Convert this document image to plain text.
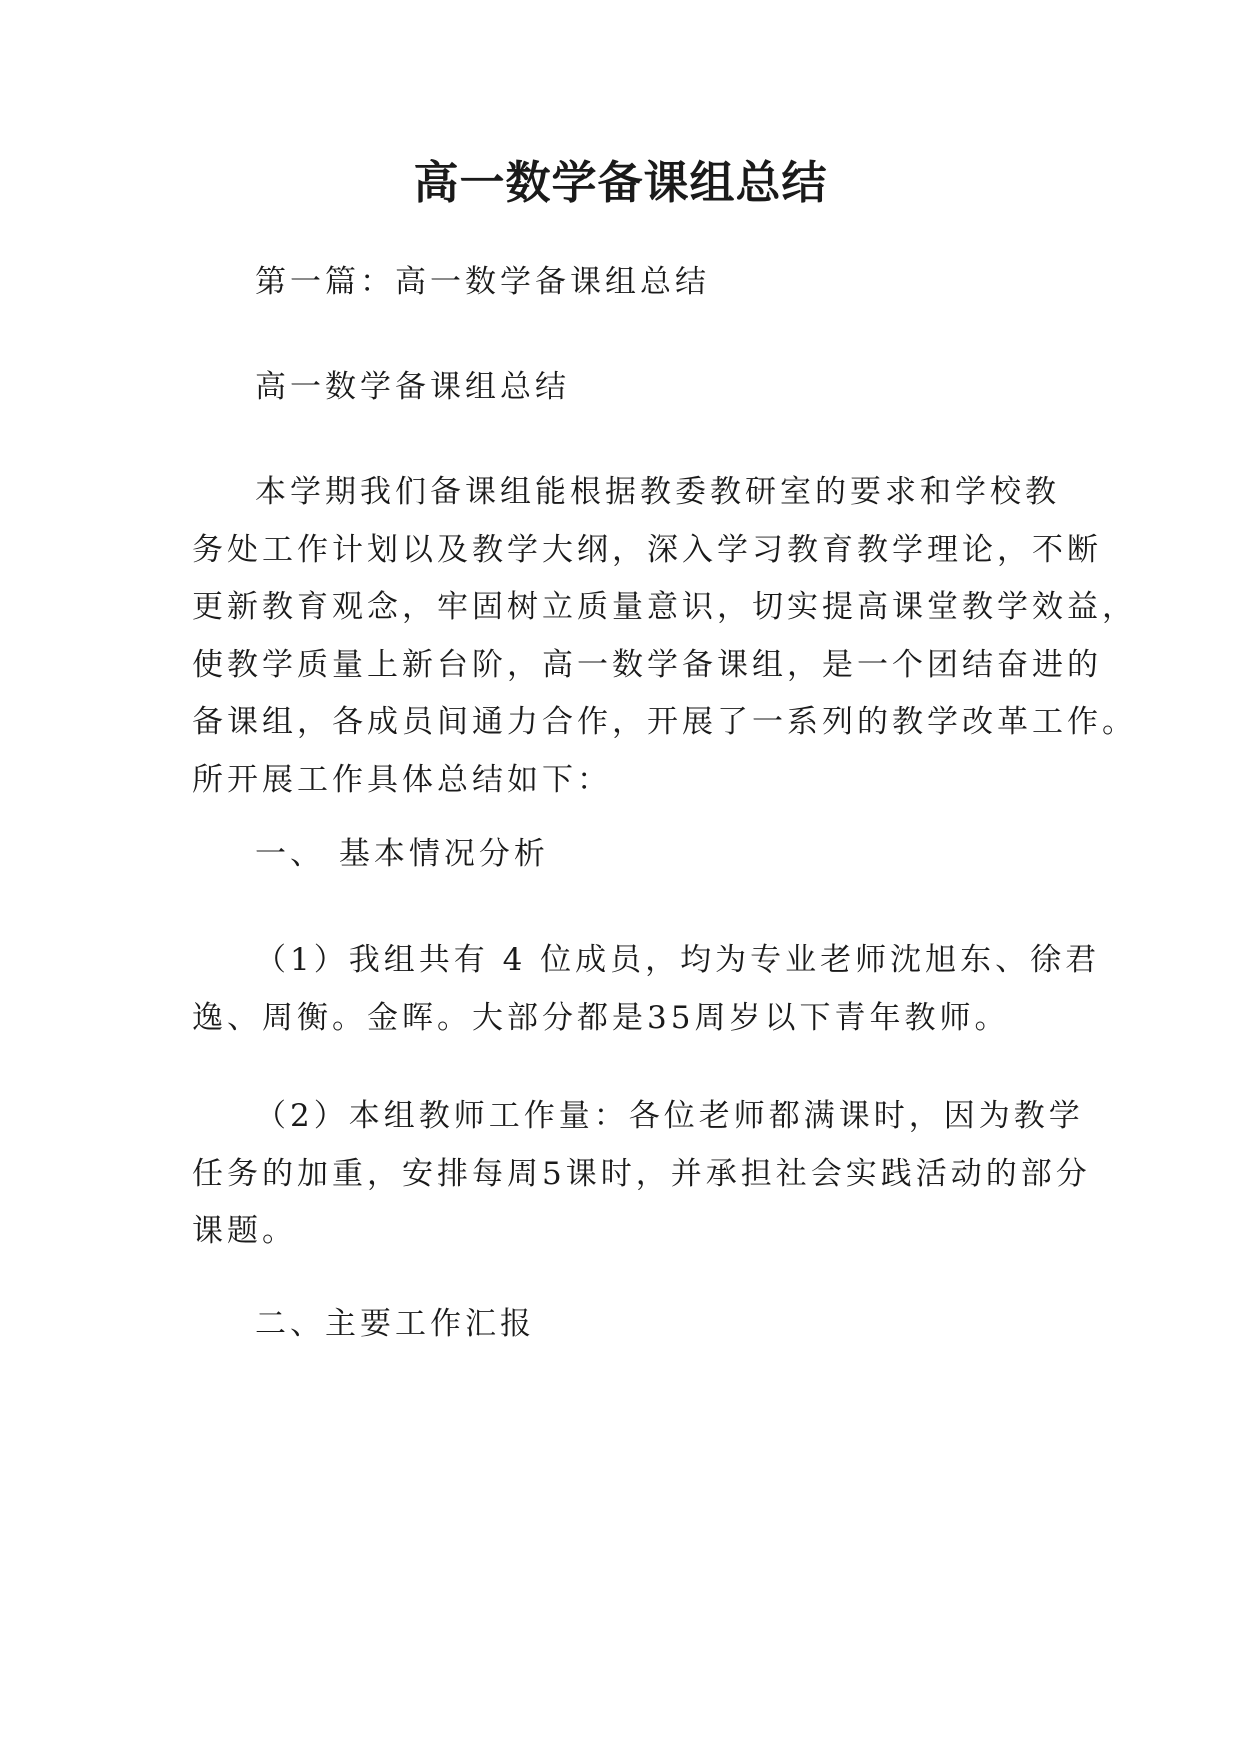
高一数学备课组总结

第一篇：高一数学备课组总结

高一数学备课组总结

本学期我们备课组能根据教委教研室的要求和学校教
务处工作计划以及教学大纲，深入学习教育教学理论，不断
更新教育观念，牢固树立质量意识，切实提高课堂教学效益，
使教学质量上新台阶，高一数学备课组，是一个团结奋进的
备课组，各成员间通力合作，开展了一系列的教学改革工作。
所开展工作具体总结如下：

一、 基本情况分析

（1）我组共有 4 位成员，均为专业老师沈旭东、徐君
逸、周衡。金晖。大部分都是35周岁以下青年教师。
（2）本组教师工作量：各位老师都满课时，因为教学
任务的加重，安排每周5课时，并承担社会实践活动的部分
课题。

二、主要工作汇报
